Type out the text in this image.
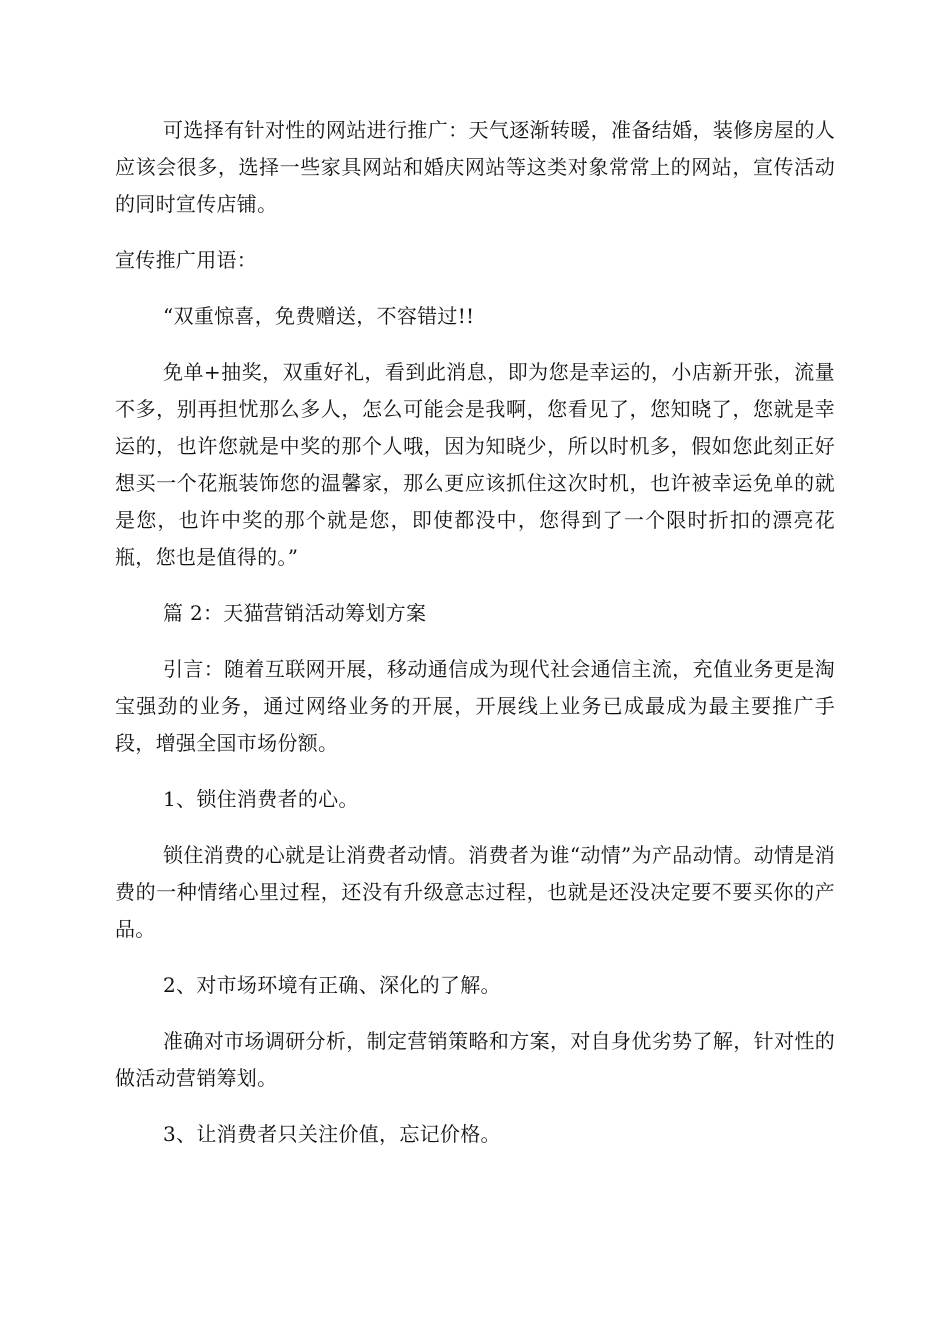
可选择有针对性的网站进行推广：天气逐渐转暖，准备结婚，装修房屋的人应该会很多，选择一些家具网站和婚庆网站等这类对象常常上的网站，宣传活动的同时宣传店铺。

宣传推广用语：

“双重惊喜，免费赠送，不容错过!!

免单+抽奖，双重好礼，看到此消息，即为您是幸运的，小店新开张，流量不多，别再担忧那么多人，怎么可能会是我啊，您看见了，您知晓了，您就是幸运的，也许您就是中奖的那个人哦，因为知晓少，所以时机多，假如您此刻正好想买一个花瓶装饰您的温馨家，那么更应该抓住这次时机，也许被幸运免单的就是您，也许中奖的那个就是您，即使都没中，您得到了一个限时折扣的漂亮花瓶，您也是值得的。”

篇 2：天猫营销活动筹划方案

引言：随着互联网开展，移动通信成为现代社会通信主流，充值业务更是淘宝强劲的业务，通过网络业务的开展，开展线上业务已成最成为最主要推广手段，增强全国市场份额。

1、锁住消费者的心。

锁住消费的心就是让消费者动情。消费者为谁“动情”为产品动情。动情是消费的一种情绪心里过程，还没有升级意志过程，也就是还没决定要不要买你的产品。

2、对市场环境有正确、深化的了解。

准确对市场调研分析，制定营销策略和方案，对自身优劣势了解，针对性的做活动营销筹划。

3、让消费者只关注价值，忘记价格。
